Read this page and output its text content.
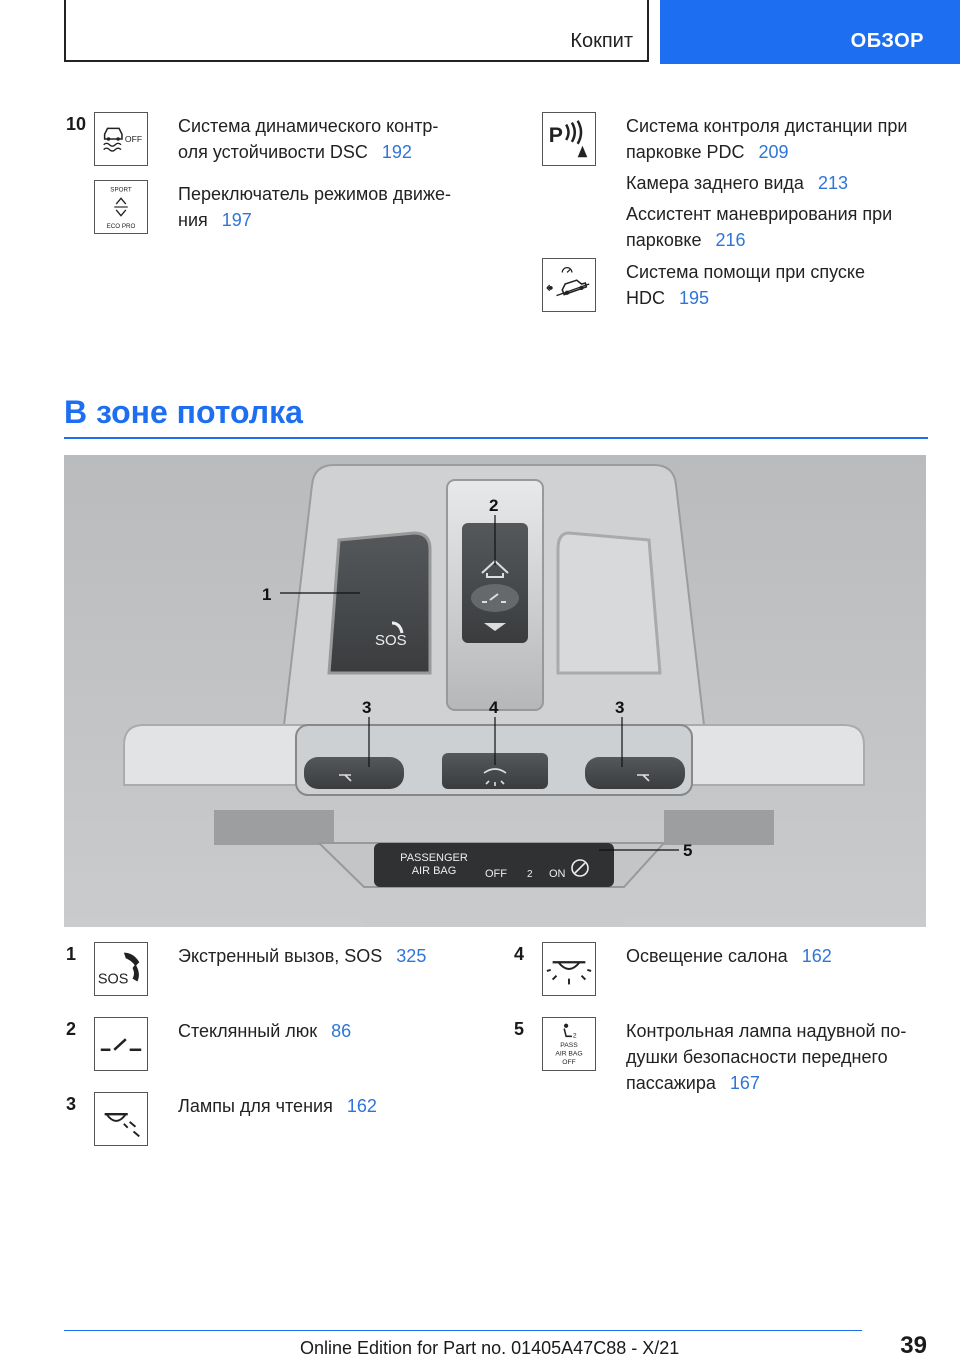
Кокпит	ОБЗОР
10
OFF
Система динамического контр-
оля устойчивости DSC 192
SPORT
ECO PRO
Переключатель режимов движе-
ния 197
P	Система контроля дистанции при
парковке PDC 209
Камера заднего вида 213
Ассистент маневрирования при
парковке 216
Система помощи при спуске
HDC 195
В зоне потолка
SOS
PASSENGER
AIR BAG	OFF 2 ON
1
2
3	4	3
5
1
SOS
Экстренный вызов, SOS 325
2	Стеклянный люк 86
3	Лампы для чтения 162
4	Освещение салона 162
5	2
PASS
AIR BAG
OFF
Контрольная лампа надувной по-
душки безопасности переднего
пассажира 167
39
Online Edition for Part no. 01405A47C88 - X/21
